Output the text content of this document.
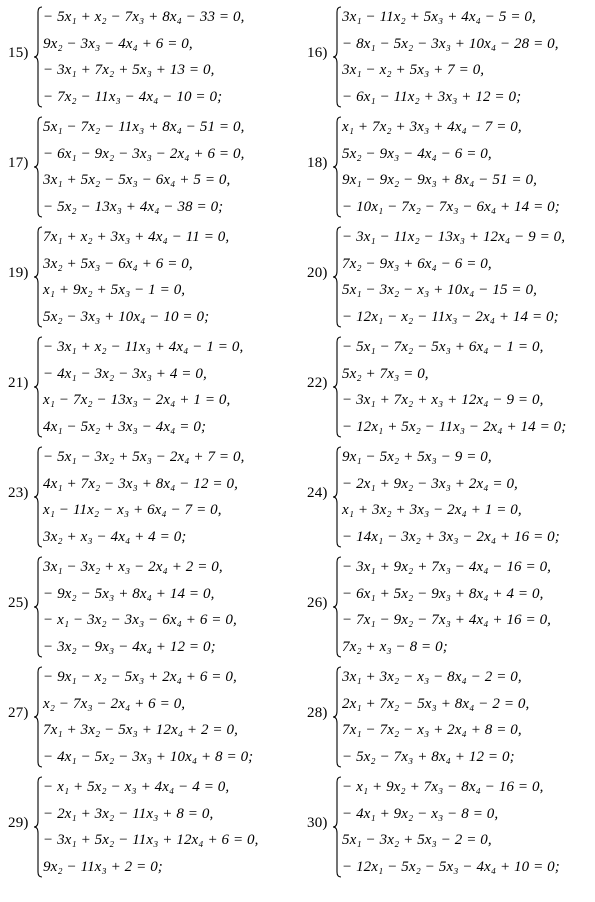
15)
− 5x₁ + x₂ − 7x₃ + 8x₄ − 33 = 0,
9x₂ − 3x₃ − 4x₄ + 6 = 0,
− 3x₁ + 7x₂ + 5x₃ + 13 = 0,
− 7x₂ − 11x₃ − 4x₄ − 10 = 0;
16)
3x₁ − 11x₂ + 5x₃ + 4x₄ − 5 = 0,
− 8x₁ − 5x₂ − 3x₃ + 10x₄ − 28 = 0,
3x₁ − x₂ + 5x₃ + 7 = 0,
− 6x₁ − 11x₂ + 3x₃ + 12 = 0;
17)
5x₁ − 7x₂ − 11x₃ + 8x₄ − 51 = 0,
− 6x₁ − 9x₂ − 3x₃ − 2x₄ + 6 = 0,
3x₁ + 5x₂ − 5x₃ − 6x₄ + 5 = 0,
− 5x₂ − 13x₃ + 4x₄ − 38 = 0;
18)
x₁ + 7x₂ + 3x₃ + 4x₄ − 7 = 0,
5x₂ − 9x₃ − 4x₄ − 6 = 0,
9x₁ − 9x₂ − 9x₃ + 8x₄ − 51 = 0,
− 10x₁ − 7x₂ − 7x₃ − 6x₄ + 14 = 0;
19)
7x₁ + x₂ + 3x₃ + 4x₄ − 11 = 0,
3x₂ + 5x₃ − 6x₄ + 6 = 0,
x₁ + 9x₂ + 5x₃ − 1 = 0,
5x₂ − 3x₃ + 10x₄ − 10 = 0;
20)
− 3x₁ − 11x₂ − 13x₃ + 12x₄ − 9 = 0,
7x₂ − 9x₃ + 6x₄ − 6 = 0,
5x₁ − 3x₂ − x₃ + 10x₄ − 15 = 0,
− 12x₁ − x₂ − 11x₃ − 2x₄ + 14 = 0;
21)
− 3x₁ + x₂ − 11x₃ + 4x₄ − 1 = 0,
− 4x₁ − 3x₂ − 3x₃ + 4 = 0,
x₁ − 7x₂ − 13x₃ − 2x₄ + 1 = 0,
4x₁ − 5x₂ + 3x₃ − 4x₄ = 0;
22)
− 5x₁ − 7x₂ − 5x₃ + 6x₄ − 1 = 0,
5x₂ + 7x₃ = 0,
− 3x₁ + 7x₂ + x₃ + 12x₄ − 9 = 0,
− 12x₁ + 5x₂ − 11x₃ − 2x₄ + 14 = 0;
23)
− 5x₁ − 3x₂ + 5x₃ − 2x₄ + 7 = 0,
4x₁ + 7x₂ − 3x₃ + 8x₄ − 12 = 0,
x₁ − 11x₂ − x₃ + 6x₄ − 7 = 0,
3x₂ + x₃ − 4x₄ + 4 = 0;
24)
9x₁ − 5x₂ + 5x₃ − 9 = 0,
− 2x₁ + 9x₂ − 3x₃ + 2x₄ = 0,
x₁ + 3x₂ + 3x₃ − 2x₄ + 1 = 0,
− 14x₁ − 3x₂ + 3x₃ − 2x₄ + 16 = 0;
25)
3x₁ − 3x₂ + x₃ − 2x₄ + 2 = 0,
− 9x₂ − 5x₃ + 8x₄ + 14 = 0,
− x₁ − 3x₂ − 3x₃ − 6x₄ + 6 = 0,
− 3x₂ − 9x₃ − 4x₄ + 12 = 0;
26)
− 3x₁ + 9x₂ + 7x₃ − 4x₄ − 16 = 0,
− 6x₁ + 5x₂ − 9x₃ + 8x₄ + 4 = 0,
− 7x₁ − 9x₂ − 7x₃ + 4x₄ + 16 = 0,
7x₂ + x₃ − 8 = 0;
27)
− 9x₁ − x₂ − 5x₃ + 2x₄ + 6 = 0,
x₂ − 7x₃ − 2x₄ + 6 = 0,
7x₁ + 3x₂ − 5x₃ + 12x₄ + 2 = 0,
− 4x₁ − 5x₂ − 3x₃ + 10x₄ + 8 = 0;
28)
3x₁ + 3x₂ − x₃ − 8x₄ − 2 = 0,
2x₁ + 7x₂ − 5x₃ + 8x₄ − 2 = 0,
7x₁ − 7x₂ − x₃ + 2x₄ + 8 = 0,
− 5x₂ − 7x₃ + 8x₄ + 12 = 0;
29)
− x₁ + 5x₂ − x₃ + 4x₄ − 4 = 0,
− 2x₁ + 3x₂ − 11x₃ + 8 = 0,
− 3x₁ + 5x₂ − 11x₃ + 12x₄ + 6 = 0,
9x₂ − 11x₃ + 2 = 0;
30)
− x₁ + 9x₂ + 7x₃ − 8x₄ − 16 = 0,
− 4x₁ + 9x₂ − x₃ − 8 = 0,
5x₁ − 3x₂ + 5x₃ − 2 = 0,
− 12x₁ − 5x₂ − 5x₃ − 4x₄ + 10 = 0;
